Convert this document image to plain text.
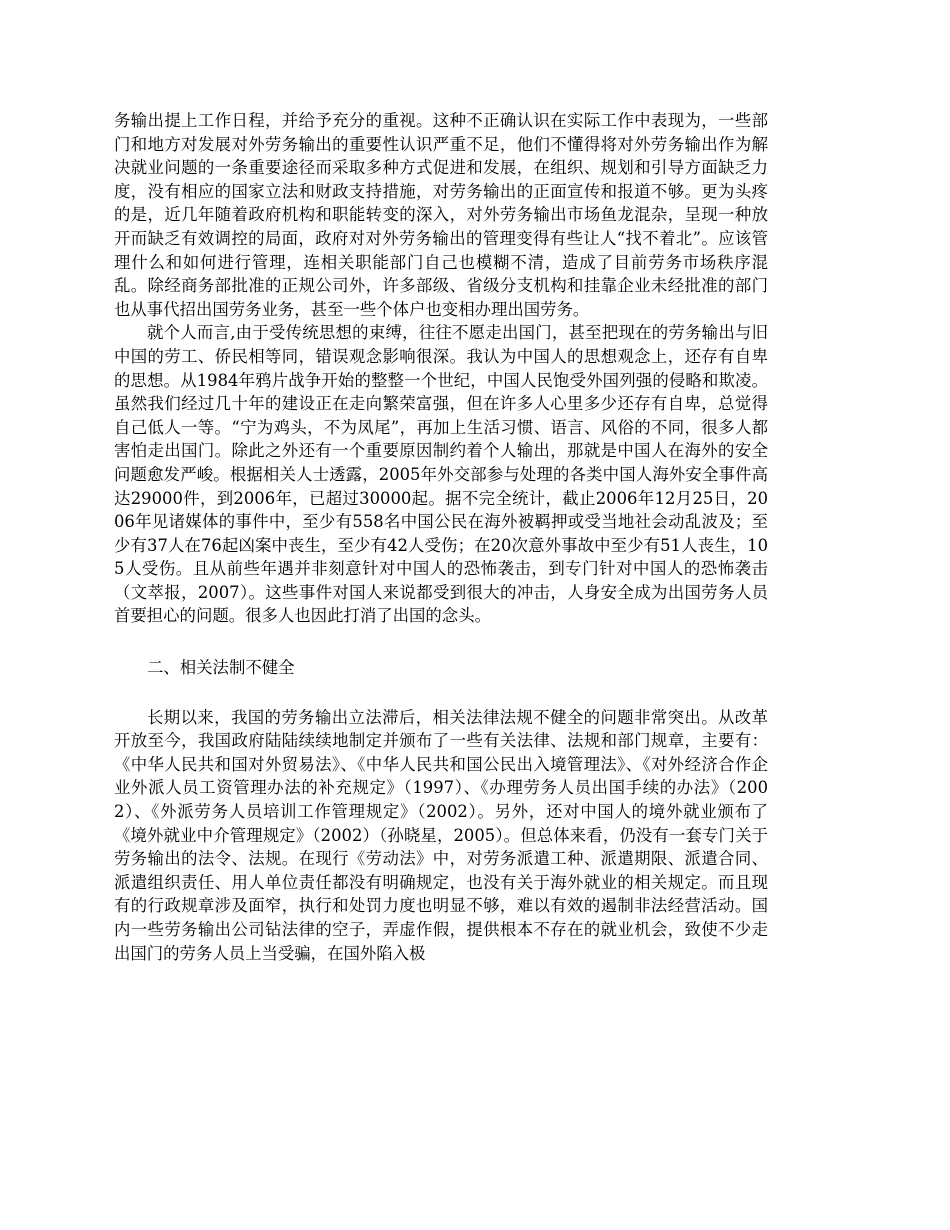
务输出提上工作日程，并给予充分的重视。这种不正确认识在实际工作中表现为，一些部门和地方对发展对外劳务输出的重要性认识严重不足，他们不懂得将对外劳务输出作为解决就业问题的一条重要途径而采取多种方式促进和发展，在组织、规划和引导方面缺乏力度，没有相应的国家立法和财政支持措施，对劳务输出的正面宣传和报道不够。更为头疼的是，近几年随着政府机构和职能转变的深入，对外劳务输出市场鱼龙混杂，呈现一种放开而缺乏有效调控的局面，政府对对外劳务输出的管理变得有些让人“找不着北”。应该管理什么和如何进行管理，连相关职能部门自己也模糊不清，造成了目前劳务市场秩序混乱。除经商务部批准的正规公司外，许多部级、省级分支机构和挂靠企业未经批准的部门也从事代招出国劳务业务，甚至一些个体户也变相办理出国劳务。

就个人而言,由于受传统思想的束缚，往往不愿走出国门，甚至把现在的劳务输出与旧中国的劳工、侨民相等同，错误观念影响很深。我认为中国人的思想观念上，还存有自卑的思想。从1984年鸦片战争开始的整整一个世纪，中国人民饱受外国列强的侵略和欺凌。虽然我们经过几十年的建设正在走向繁荣富强，但在许多人心里多少还存有自卑，总觉得自己低人一等。“宁为鸡头，不为凤尾”，再加上生活习惯、语言、风俗的不同，很多人都害怕走出国门。除此之外还有一个重要原因制约着个人输出，那就是中国人在海外的安全问题愈发严峻。根据相关人士透露，2005年外交部参与处理的各类中国人海外安全事件高达29000件，到2006年，已超过30000起。据不完全统计，截止2006年12月25日，2006年见诸媒体的事件中，至少有558名中国公民在海外被羁押或受当地社会动乱波及；至少有37人在76起凶案中丧生，至少有42人受伤；在20次意外事故中至少有51人丧生，105人受伤。且从前些年遇并非刻意针对中国人的恐怖袭击，到专门针对中国人的恐怖袭击（文萃报，2007）。这些事件对国人来说都受到很大的冲击，人身安全成为出国劳务人员首要担心的问题。很多人也因此打消了出国的念头。

二、相关法制不健全

长期以来，我国的劳务输出立法滞后，相关法律法规不健全的问题非常突出。从改革开放至今，我国政府陆陆续续地制定并颁布了一些有关法律、法规和部门规章，主要有：《中华人民共和国对外贸易法》、《中华人民共和国公民出入境管理法》、《对外经济合作企业外派人员工资管理办法的补充规定》（1997）、《办理劳务人员出国手续的办法》（2002）、《外派劳务人员培训工作管理规定》（2002）。另外，还对中国人的境外就业颁布了《境外就业中介管理规定》（2002）（孙晓星，2005）。但总体来看，仍没有一套专门关于劳务输出的法令、法规。在现行《劳动法》中，对劳务派遣工种、派遣期限、派遣合同、派遣组织责任、用人单位责任都没有明确规定，也没有关于海外就业的相关规定。而且现有的行政规章涉及面窄，执行和处罚力度也明显不够，难以有效的遏制非法经营活动。国内一些劳务输出公司钻法律的空子，弄虚作假，提供根本不存在的就业机会，致使不少走出国门的劳务人员上当受骗，在国外陷入极
